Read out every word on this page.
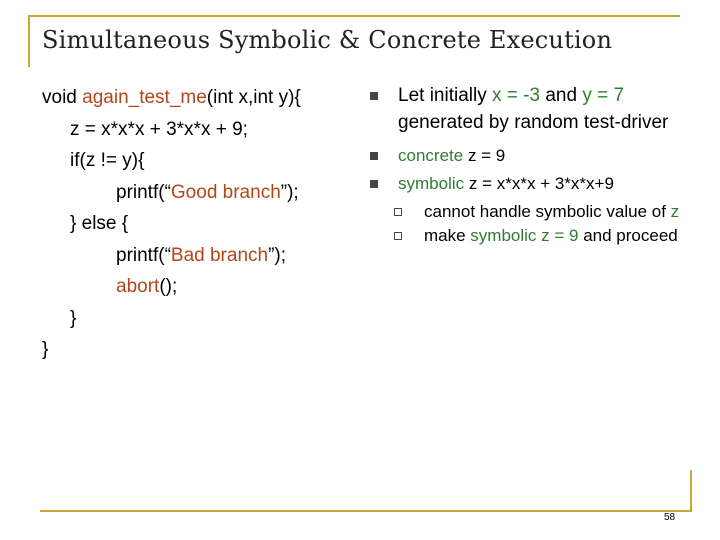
Simultaneous Symbolic & Concrete Execution
void again_test_me(int x,int y){
z = x*x*x + 3*x*x + 9;
if(z != y){
printf(“Good branch”);
} else {
printf(“Bad branch”);
abort();
}
}
Let initially x = -3 and y = 7 generated by random test-driver
concrete z = 9
symbolic z = x*x*x + 3*x*x+9
cannot handle symbolic value of z
make symbolic z = 9 and proceed
58
